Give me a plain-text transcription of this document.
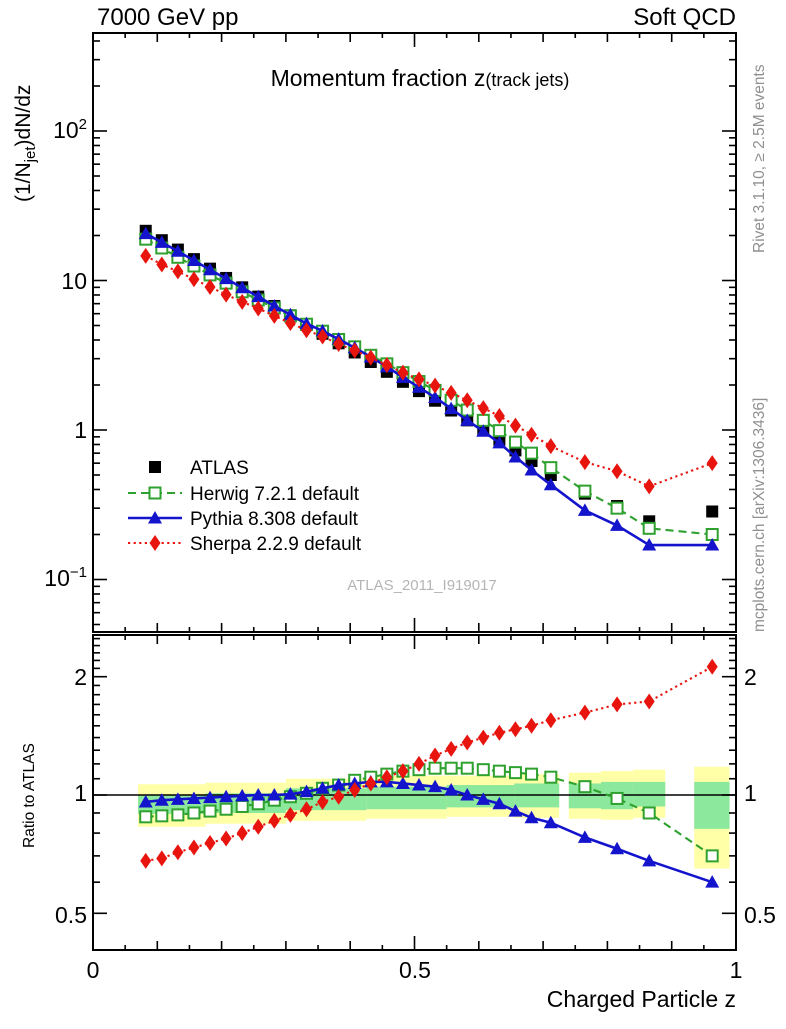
7000 GeV pp	Soft QCD
Momentum fraction z(track jets)
(1/Njet)dN/dz	Rivet 3.1.10, ≥ 2.5M events
mcplots.cern.ch [arXiv:1306.3436]
ATLAS_2011_I919017
Ratio to ATLAS
Charged Particle z
$10^2$
10
1
$10^{-1}$
2
1
0.5
2
1
0.5
0	0.5	1
ATLAS
Herwig 7.2.1 default
Pythia 8.308 default
Sherpa 2.2.9 default
